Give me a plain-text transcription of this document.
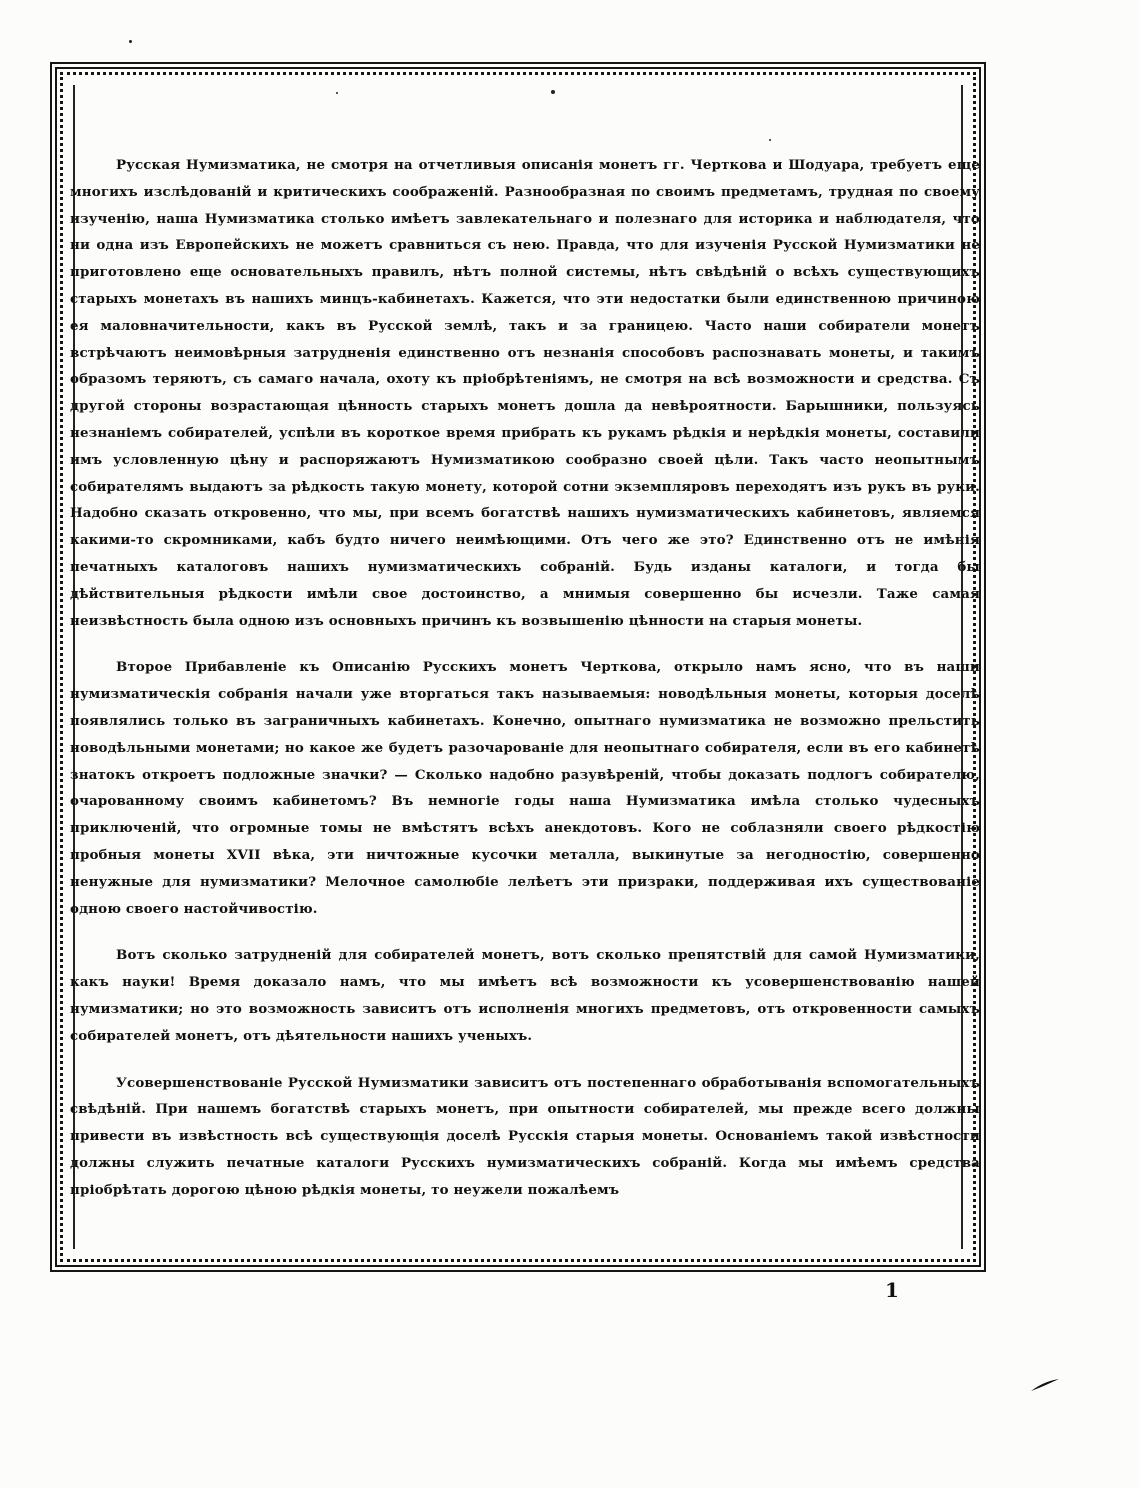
Русская Нумизматика, не смотря на отчетливыя описанія монетъ гг. Черткова и Шодуара, требуетъ еще многихъ изслѣдованій и критическихъ соображеній. Разнообразная по своимъ предметамъ, трудная по своему изученію, наша Нумизматика столько имѣетъ завлекательнаго и полезнаго для историка и наблюдателя, что ни одна изъ Европейскихъ не можетъ сравниться съ нею. Правда, что для изученія Русской Нумизматики не приготовлено еще основательныхъ правилъ, нѣтъ полной системы, нѣтъ свѣдѣній о всѣхъ существующихъ старыхъ монетахъ въ нашихъ минцъ-кабинетахъ. Кажется, что эти недостатки были единственною причиною ея маловначительности, какъ въ Русской землѣ, такъ и за границею. Часто наши собиратели монетъ встрѣчаютъ неимовѣрныя затрудненія единственно отъ незнанія способовъ распознавать монеты, и такимъ образомъ теряютъ, съ самаго начала, охоту къ пріобрѣтеніямъ, не смотря на всѣ возможности и средства. Съ другой стороны возрастающая цѣнность старыхъ монетъ дошла да невѣроятности. Барышники, пользуясь незнаніемъ собирателей, успѣли въ короткое время прибрать къ рукамъ рѣдкія и нерѣдкія монеты, составили имъ условленную цѣну и распоряжаютъ Нумизматикою сообразно своей цѣли. Такъ часто неопытнымъ собирателямъ выдаютъ за рѣдкость такую монету, которой сотни экземпляровъ переходятъ изъ рукъ въ руки. Надобно сказать откровенно, что мы, при всемъ богатствѣ нашихъ нумизматическихъ кабинетовъ, являемся какими-то скромниками, кабъ будто ничего неимѣющими. Отъ чего же это? Единственно отъ не имѣнія печатныхъ каталоговъ нашихъ нумизматическихъ собраній. Будь изданы каталоги, и тогда бы дѣйствительныя рѣдкости имѣли свое достоинство, а мнимыя совершенно бы исчезли. Таже самая неизвѣстность была одною изъ основныхъ причинъ къ возвышенію цѣнности на старыя монеты.

Второе Прибавленіе къ Описанію Русскихъ монетъ Черткова, открыло намъ ясно, что въ наши нумизматическія собранія начали уже вторгаться такъ называемыя: новодѣльныя монеты, которыя доселѣ появлялись только въ заграничныхъ кабинетахъ. Конечно, опытнаго нумизматика не возможно прельстить новодѣльными монетами; но какое же будетъ разочарованіе для неопытнаго собирателя, если въ его кабинетѣ знатокъ откроетъ подложные значки? — Сколько надобно разувѣреній, чтобы доказать подлогъ собирателю, очарованному своимъ кабинетомъ? Въ немногіе годы наша Нумизматика имѣла столько чудесныхъ приключеній, что огромные томы не вмѣстятъ всѣхъ анекдотовъ. Кого не соблазняли своего рѣдкостію пробныя монеты XVII вѣка, эти ничтожные кусочки металла, выкинутые за негодностію, совершенно ненужные для нумизматики? Мелочное самолюбіе лелѣетъ эти призраки, поддерживая ихъ существованіе одною своего настойчивостію.

Вотъ сколько затрудненій для собирателей монетъ, вотъ сколько препятствій для самой Нумизматики, какъ науки! Время доказало намъ, что мы имѣетъ всѣ возможности къ усовершенствованію нашей нумизматики; но это возможность зависитъ отъ исполненія многихъ предметовъ, отъ откровенности самыхъ собирателей монетъ, отъ дѣятельности нашихъ ученыхъ.

Усовершенствованіе Русской Нумизматики зависитъ отъ постепеннаго обработыванія вспомогательныхъ свѣдѣній. При нашемъ богатствѣ старыхъ монетъ, при опытности собирателей, мы прежде всего должны привести въ извѣстность всѣ существующія доселѣ Русскія старыя монеты. Основаніемъ такой извѣстности должны служить печатные каталоги Русскихъ нумизматическихъ собраній. Когда мы имѣемъ средства пріобрѣтать дорогою цѣною рѣдкія монеты, то неужели пожалѣемъ

1
